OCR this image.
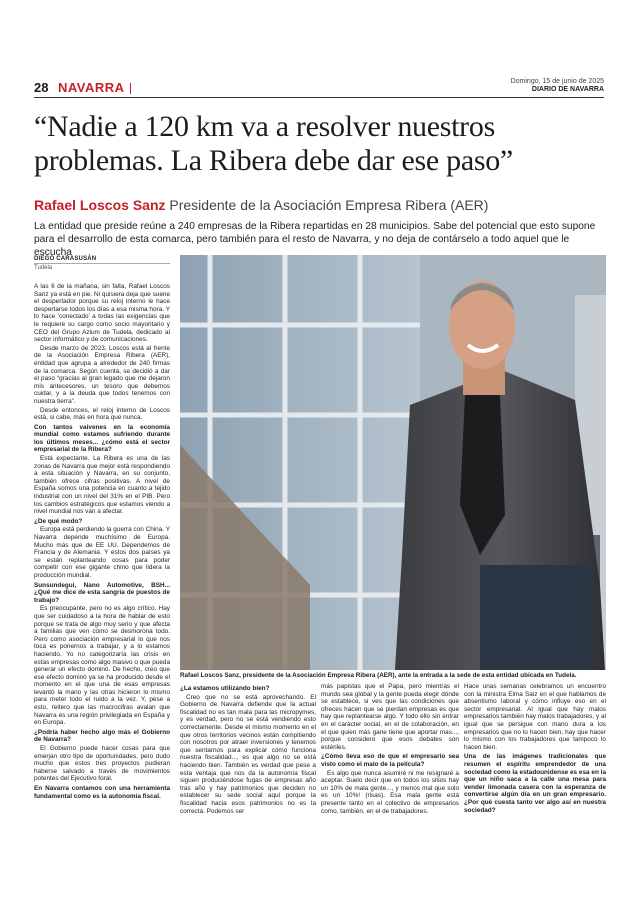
28 NAVARRA	Domingo, 15 de junio de 2025
DIARIO DE NAVARRA
“Nadie a 120 km va a resolver nuestros
problemas. La Ribera debe dar ese paso”
Rafael Loscos Sanz Presidente de la Asociación Empresa Ribera (AER)
La entidad que preside reúne a 240 empresas de la Ribera repartidas en 28 municipios. Sabe del potencial que esto supone para el desarrollo de esta comarca, pero también para el resto de Navarra, y no deja de contárselo a todo aquel que le escucha
DIEGO CARASUSÁN
Tudela

A las 6 de la mañana, sin falta, Rafael Loscos Sanz ya está en pie. Ni quisiera deja que suene el despertador porque su reloj interno le hace despertarse todos los días a esa misma hora. Y lo hace ‘conectado’ a todas las exigencias que le requiere su cargo como socio mayoritario y CEO del Grupo Azium de Tudela, dedicado al sector informático y de comunicaciones.

Desde marzo de 2023, Loscos está al frente de la Asociación Empresa Ribera (AER), entidad que agrupa a alrededor de 240 firmas de la comarca. Según cuenta, se decidió a dar el paso “gracias al gran legado que me dejaron mis antecesores, un tesoro que debemos cuidar, y a la deuda que todos tenemos con nuestra tierra”.

Desde entonces, el reloj interno de Loscos está, si cabe, más en hora que nunca.

Con tantos vaivenes en la economía mundial como estamos sufriendo durante los últimos meses... ¿cómo está el sector empresarial de la Ribera?

Está expectante. La Ribera es una de las zonas de Navarra que mejor está respondiendo a esta situación y Navarra, en su conjunto, también ofrece cifras positivas. A nivel de España somos una potencia en cuanto a tejido industrial con un nivel del 31% en el PIB. Pero los cambios estratégicos que estamos viendo a nivel mundial nos van a afectar.

¿De qué modo?

Europa está perdiendo la guerra con China. Y Navarra depende muchísimo de Europa. Mucho más que de EE UU. Dependemos de Francia y de Alemania. Y estos dos países ya se están replanteando cosas para poder competir con ese gigante chino que lidera la producción mundial.

Sunsundegui, Nano Automotive, BSH... ¿Qué me dice de esta sangría de puestos de trabajo?

Es preocupante, pero no es algo crítico. Hay que ser cuidadoso a la hora de hablar de esto porque se trata de algo muy serio y que afecta a familias que ven cómo se desmorona todo. Pero como asociación empresarial lo que nos toca es ponernos a trabajar, y a lo estamos haciendo. Yo no categorizaría las crisis en estas empresas como algo masivo o que pueda generar un efecto dominó. De hecho, creo que ese efecto dominó ya se ha producido desde el momento en el que una de esas empresas levantó la mano y las otras hicieron lo mismo para meter todo el ruido a la vez. Y, pese a esto, reitero que las macrocifras avalan que Navarra es una región privilegiada en España y en Europa.

¿Podría haber hecho algo más el Gobierno de Navarra?

El Gobierno puede hacer cosas para que emerjan otro tipo de oportunidades, pero dudo mucho que estos tres proyectos pudieran haberse salvado a través de movimientos potentes del Ejecutivo foral.

En Navarra contamos con una herramienta fundamental como es la autonomía fiscal.

Rafael Loscos Sanz, presidente de la Asociación Empresa Ribera (AER), ante la entrada a la sede de esta entidad ubicada en Tudela.

¿La estamos utilizando bien?

Creo que no se está aprovechando. El Gobierno de Navarra defiende que la actual fiscalidad no es tan mala para las micropymes, y es verdad, pero no se está vendiendo esto correctamente. Desde el mismo momento en el que otros territorios vecinos están compitiendo con nosotros por atraer inversiones y tenemos que sentarnos para explicar cómo funciona nuestra fiscalidad..., es que algo no se está haciendo bien. También es verdad que pese a esta ventaja que nos da la autonomía fiscal siguen produciéndose fugas de empresas año tras año y hay patrimonios que deciden no establecer su sede social aquí porque la fiscalidad hacia esos patrimonios no es la correcta. Podemos ser

más papistas que el Papa, pero mientras el mundo sea global y la gente pueda elegir dónde se establece, si ves que las condiciones que ofreces hacen que se pierdan empresas es que hay que replantearse algo. Y todo ello sin entrar en el carácter social, en el de colaboración, en el que quien más gane tiene que aportar mas..., porque considero que esos debates son estériles.

¿Cómo lleva eso de que el empresario sea visto como el malo de la película?

Es algo que nunca asumiré ni me resignaré a aceptar. Suelo decir que en todos los sitios hay un 10% de mala gente..., y menos mal que solo es un 10%! (risas). Esa mala gente está presente tanto en el colectivo de empresarios como, también, en el de trabajadores.

Hace unas semanas celebramos un encuentro con la ministra Elma Saiz en el que hablamos de absentismo laboral y cómo influye eso en el sector empresarial. Al igual que hay malos empresarios también hay malos trabajadores, y al igual que se persigue con mano dura a los empresarios que no lo hacen bien, hay que hacer lo mismo con los trabajadores que tampoco lo hacen bien.

Una de las imágenes tradicionales que resumen el espíritu emprendedor de una sociedad como la estadounidense es esa en la que un niño saca a la calle una mesa para vender limonada casera con la esperanza de convertirse algún día en un gran empresario. ¿Por qué cuesta tanto ver algo así en nuestra sociedad?
